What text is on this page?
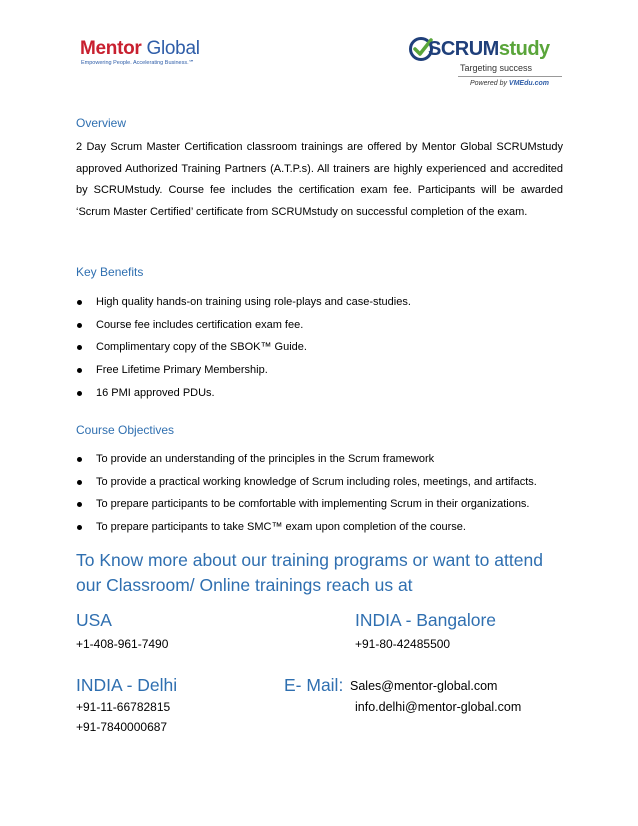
Mentor Global
Empowering People. Accelerating Business.℠
SCRUMstudy
Targeting success
Powered by VMEdu.com
Overview
2 Day Scrum Master Certification classroom trainings are offered by Mentor Global SCRUMstudy approved Authorized Training Partners (A.T.P.s). All trainers are highly experienced and accredited by SCRUMstudy. Course fee includes the certification exam fee. Participants will be awarded ‘Scrum Master Certified’ certificate from SCRUMstudy on successful completion of the exam.
Key Benefits
High quality hands-on training using role-plays and case-studies.
Course fee includes certification exam fee.
Complimentary copy of the SBOK™ Guide.
Free Lifetime Primary Membership.
16 PMI approved PDUs.
Course Objectives
To provide an understanding of the principles in the Scrum framework
To provide a practical working knowledge of Scrum including roles, meetings, and artifacts.
To prepare participants to be comfortable with implementing Scrum in their organizations.
To prepare participants to take SMC™ exam upon completion of the course.
To Know more about our training programs or want to attend
our Classroom/ Online trainings reach us at
USA
+1-408-961-7490
INDIA - Bangalore
+91-80-42485500
INDIA - Delhi
+91-11-66782815
+91-7840000687
E- Mail: Sales@mentor-global.com
info.delhi@mentor-global.com
